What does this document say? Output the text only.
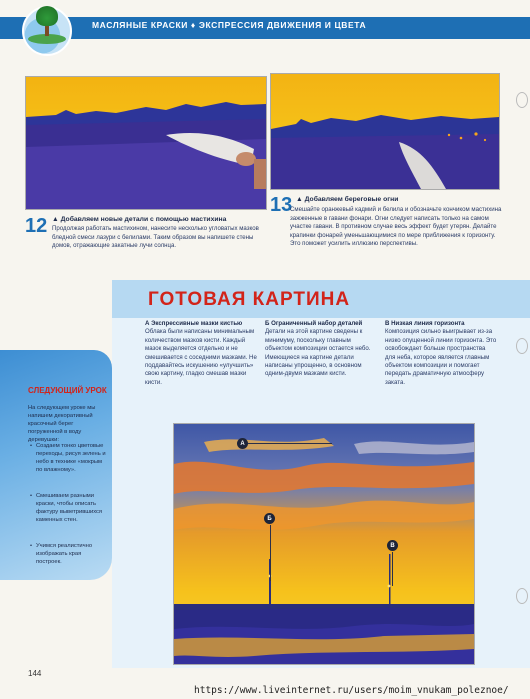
МАСЛЯНЫЕ КРАСКИ ♦ ЭКСПРЕССИЯ ДВИЖЕНИЯ И ЦВЕТА
12 ▲ Добавляем новые детали с помощью мастихина
Продолжая работать мастихином, нанесите несколько угловатых мазков бледной смеси лазури с белилами. Таким образом вы напишете стены домов, отражающие закатные лучи солнца.
13 ▲ Добавляем береговые огни
Смешайте оранжевый кадмий и белила и обозначьте кончиком мастихина зажженные в гавани фонари. Огни следует написать только на самом участке гавани. В противном случае весь эффект будет утерян. Делайте крапинки фонарей уменьшающимися по мере приближения к горизонту. Это поможет усилить иллюзию перспективы.
ГОТОВАЯ КАРТИНА
А Экспрессивные мазки кистью
Облака были написаны минимальным количеством мазков кисти. Каждый мазок выделяется отдельно и не смешивается с соседними мазками. Не поддавайтесь искушению «улучшить» свою картину, гладко смешав мазки кисти.
Б Ограниченный набор деталей
Детали на этой картине сведены к минимуму, поскольку главным объектом композиции остается небо. Имеющиеся на картине детали написаны упрощенно, в основном одним-двумя мазками кисти.
В Низкая линия горизонта
Композиция сильно выигрывает из-за низко опущенной линии горизонта. Это освобождает больше пространства для неба, которое является главным объектом композиции и помогает передать драматичную атмосферу заката.
СЛЕДУЮЩИЙ УРОК
На следующем уроке мы напишем декоративный красочный берег погруженной в воду деревушки:
• Создаем тонко цветовые переходы, рисуя зелень и небо в технике «мокрым по влажному».
• Смешиваем разными краски, чтобы описать фактуру выветрившихся каменных стен.
• Учимся реалистично изображать края построек.
А
Б
В
144
https://www.liveinternet.ru/users/moim_vnukam_poleznoe/
